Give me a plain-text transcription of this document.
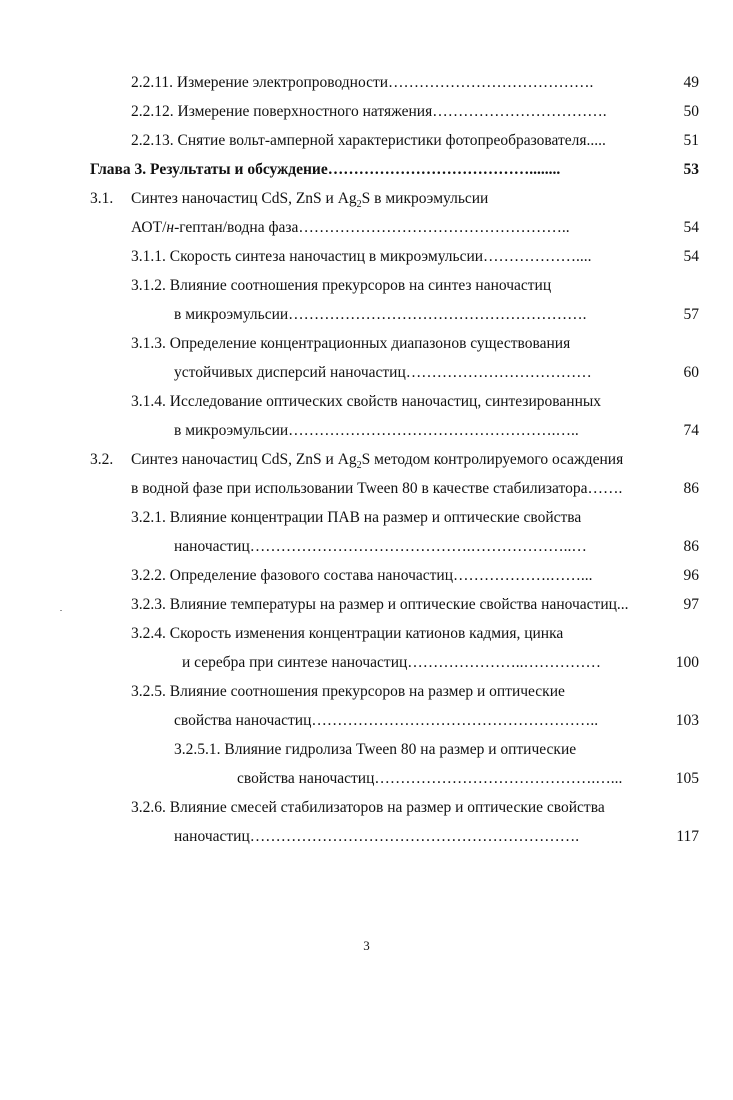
2.2.11. Измерение электропроводности………………………………….	49
2.2.12. Измерение поверхностного натяжения…………………………….	50
2.2.13. Снятие вольт-амперной характеристики фотопреобразователя.....	51
Глава 3. Результаты и обсуждение…………………………………........	53
3.1. Синтез наночастиц CdS, ZnS и $Ag_2S$ в микроэмульсии
АОТ/н-гептан/водна фаза……………………………………………..	54
3.1.1. Скорость синтеза наночастиц в микроэмульсии………………....	54
3.1.2. Влияние соотношения прекурсоров на синтез наночастиц
в микроэмульсии………………………………………………….	57
3.1.3. Определение концентрационных диапазонов существования
устойчивых дисперсий наночастиц………………………………	60
3.1.4. Исследование оптических свойств наночастиц, синтезированных
в микроэмульсии…………………………………………….…..	74
3.2. Синтез наночастиц CdS, ZnS и $Ag_2S$ методом контролируемого осаждения
в водной фазе при использовании Tween 80 в качестве стабилизатора…….	86
3.2.1. Влияние концентрации ПАВ на размер и оптические свойства
наночастиц…………………………………….………………..…	86
3.2.2. Определение фазового состава наночастиц……………….……...	96
3.2.3. Влияние температуры на размер и оптические свойства наночастиц...	97
3.2.4. Скорость изменения концентрации катионов кадмия, цинка
и серебра при синтезе наночастиц…………………..……………	100
3.2.5. Влияние соотношения прекурсоров на размер и оптические
свойства наночастиц………………………………………………..	103
3.2.5.1. Влияние гидролиза Tween 80 на размер и оптические
свойства наночастиц…………………………………….…...	105
3.2.6. Влияние смесей стабилизаторов на размер и оптические свойства
наночастиц……………………………………………………….	117
3
